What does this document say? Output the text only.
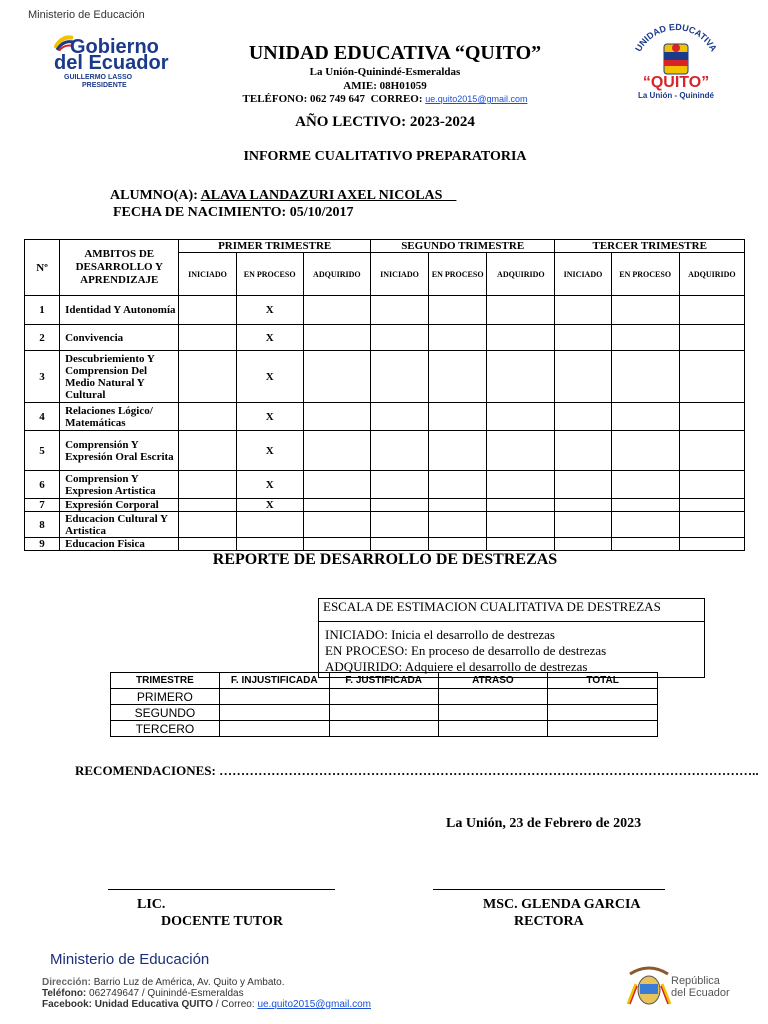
Ministerio de Educación
Gobierno
del Ecuador
GUILLERMO LASSO
PRESIDENTE
UNIDAD EDUCATIVA “QUITO”
La Unión-Quinindé-Esmeraldas
AMIE: 08H01059
TELÉFONO: 062 749 647 CORREO: ue.quito2015@gmail.com
UNIDAD EDUCATIVA
“QUITO”
La Unión - Quinindé
AÑO LECTIVO: 2023-2024
INFORME CUALITATIVO PREPARATORIA
ALUMNO(A): ALAVA LANDAZURI AXEL NICOLAS
FECHA DE NACIMIENTO: 05/10/2017
Nº	AMBITOS DE DESARROLLO Y APRENDIZAJE	PRIMER TRIMESTRE			SEGUNDO TRIMESTRE			TERCER TRIMESTRE		
		INICIADO	EN PROCESO	ADQUIRIDO	INICIADO	EN PROCESO	ADQUIRIDO	INICIADO	EN PROCESO	ADQUIRIDO
1	Identidad Y Autonomía		X							
2	Convivencia		X							
3	Descubriemiento Y Comprension Del Medio Natural Y Cultural		X							
4	Relaciones Lógico/ Matemáticas		X							
5	Comprensión Y Expresión Oral Escrita		X							
6	Comprension Y Expresion Artistica		X							
7	Expresión Corporal		X							
8	Educacion Cultural Y Artistica									
9	Educacion Fisica									
REPORTE DE DESARROLLO DE DESTREZAS
ESCALA DE ESTIMACION CUALITATIVA DE DESTREZAS
INICIADO: Inicia el desarrollo de destrezas
EN PROCESO: En proceso de desarrollo de destrezas
ADQUIRIDO: Adquiere el desarrollo de destrezas
TRIMESTRE	F. INJUSTIFICADA	F. JUSTIFICADA	ATRASO	TOTAL
PRIMERO				
SEGUNDO				
TERCERO				
RECOMENDACIONES: ……………………………………………………………………………………………………………..
La Unión, 23 de Febrero de 2023
LIC.
DOCENTE TUTOR
MSC. GLENDA GARCIA
RECTORA
Ministerio de Educación
Dirección: Barrio Luz de América, Av. Quito y Ambato.
Teléfono: 062749647 / Quinindé-Esmeraldas
Facebook: Unidad Educativa QUITO / Correo: ue.quito2015@gmail.com
República
del Ecuador
